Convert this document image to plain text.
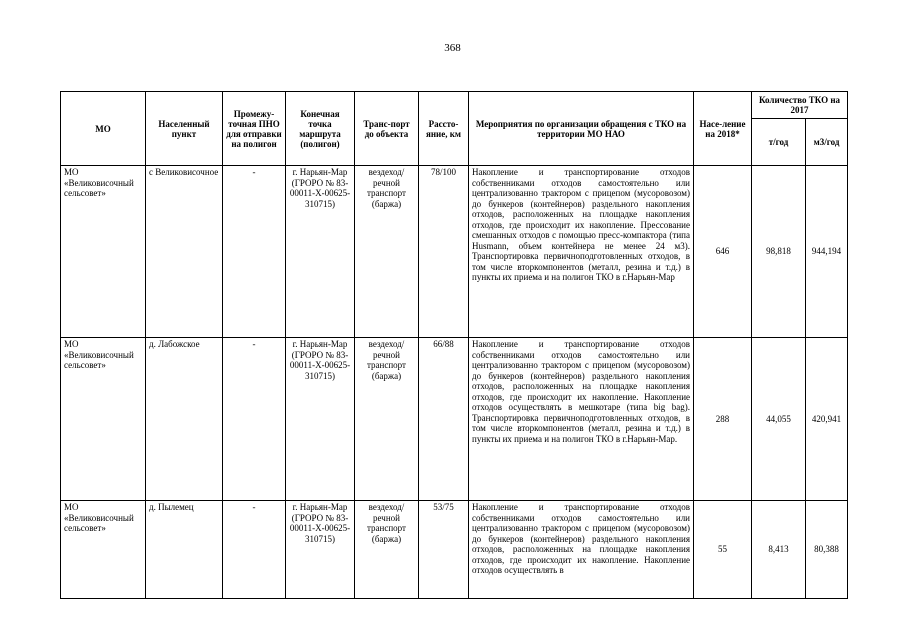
368
МО	Населенный пункт	Промежу-точная ПНО для отправки на полигон	Конечная точка маршрута (полигон)	Транс-порт до объекта	Рассто-яние, км	Мероприятия по организации обращения с ТКО на территории МО НАО	Насе-ление на 2018*	Количество ТКО на 2017	
								т/год	м3/год
МО «Великовисочный сельсовет»	с Великовисочное	-	г. Нарьян-Мар (ГРОРО № 83-00011-Х-00625-310715)	вездеход/ речной транспорт (баржа)	78/100	Накопление и транспортирование отходов собственниками отходов самостоятельно или централизованно трактором с прицепом (мусоровозом) до бункеров (контейнеров) раздельного накопления отходов, расположенных на площадке накопления отходов, где происходит их накопление. Прессование смешанных отходов с помощью пресс-компактора (типа Husmann, объем контейнера не менее 24 м3). Транспортировка первичноподготовленных отходов, в том числе вторкомпонентов (металл, резина и т.д.) в пункты их приема и на полигон ТКО в г.Нарьян-Мар	646	98,818	944,194
МО «Великовисочный сельсовет»	д. Лабожское	-	г. Нарьян-Мар (ГРОРО № 83-00011-Х-00625-310715)	вездеход/ речной транспорт (баржа)	66/88	Накопление и транспортирование отходов собственниками отходов самостоятельно или централизованно трактором с прицепом (мусоровозом) до бункеров (контейнеров) раздельного накопления отходов, расположенных на площадке накопления отходов, где происходит их накопление. Накопление отходов осуществлять в мешкотаре (типа big bag). Транспортировка первичноподготовленных отходов, в том числе вторкомпонентов (металл, резина и т.д.) в пункты их приема и на полигон ТКО в г.Нарьян-Мар.	288	44,055	420,941
МО «Великовисочный сельсовет»	д. Пылемец	-	г. Нарьян-Мар (ГРОРО № 83-00011-Х-00625-310715)	вездеход/ речной транспорт (баржа)	53/75	Накопление и транспортирование отходов собственниками отходов самостоятельно или централизованно трактором с прицепом (мусоровозом) до бункеров (контейнеров) раздельного накопления отходов, расположенных на площадке накопления отходов, где происходит их накопление. Накопление отходов осуществлять в	55	8,413	80,388
